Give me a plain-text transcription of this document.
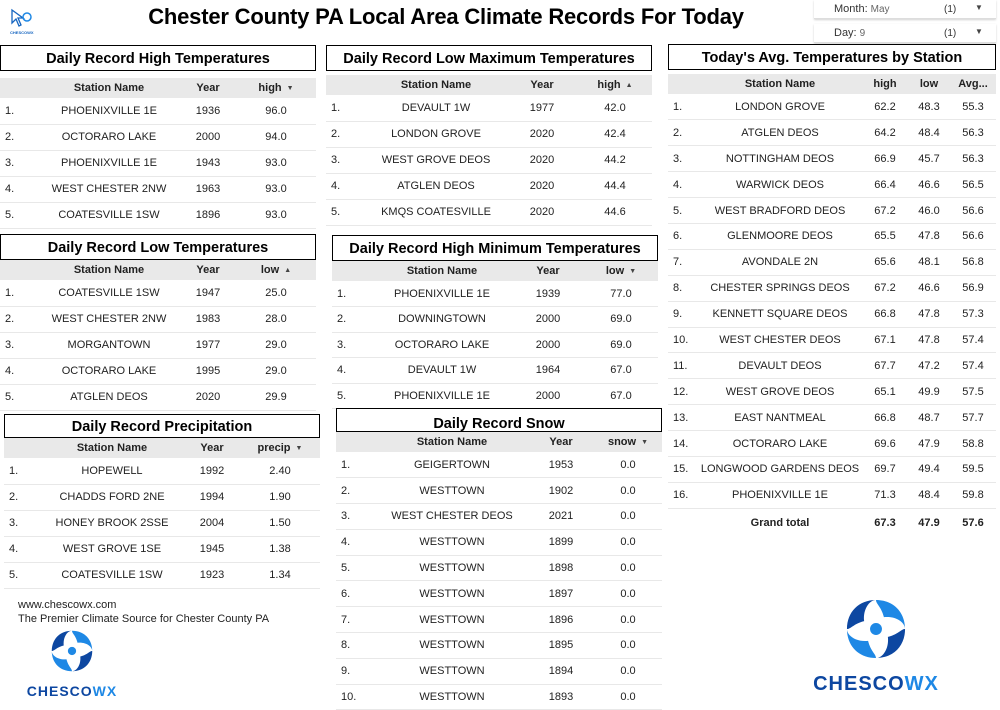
CHESCOWX
Chester County PA Local Area Climate Records For Today	Month: May	(1) ▼
Day: 9	(1) ▼
Daily Record High Temperatures
	Station Name	Year	high ▼
1.	PHOENIXVILLE 1E	1936	96.0
2.	OCTORARO LAKE	2000	94.0
3.	PHOENIXVILLE 1E	1943	93.0
4.	WEST CHESTER 2NW	1963	93.0
5.	COATESVILLE 1SW	1896	93.0
Daily Record Low Temperatures
	Station Name	Year	low ▲
1.	COATESVILLE 1SW	1947	25.0
2.	WEST CHESTER 2NW	1983	28.0
3.	MORGANTOWN	1977	29.0
4.	OCTORARO LAKE	1995	29.0
5.	ATGLEN DEOS	2020	29.9
Daily Record Precipitation
	Station Name	Year	precip ▼
1.	HOPEWELL	1992	2.40
2.	CHADDS FORD 2NE	1994	1.90
3.	HONEY BROOK 2SSE	2004	1.50
4.	WEST GROVE 1SE	1945	1.38
5.	COATESVILLE 1SW	1923	1.34
Daily Record Low Maximum Temperatures
	Station Name	Year	high ▲
1.	DEVAULT 1W	1977	42.0
2.	LONDON GROVE	2020	42.4
3.	WEST GROVE DEOS	2020	44.2
4.	ATGLEN DEOS	2020	44.4
5.	KMQS COATESVILLE	2020	44.6
Daily Record High Minimum Temperatures
	Station Name	Year	low ▼
1.	PHOENIXVILLE 1E	1939	77.0
2.	DOWNINGTOWN	2000	69.0
3.	OCTORARO LAKE	2000	69.0
4.	DEVAULT 1W	1964	67.0
5.	PHOENIXVILLE 1E	2000	67.0
Daily Record Snow
	Station Name	Year	snow ▼
1.	GEIGERTOWN	1953	0.0
2.	WESTTOWN	1902	0.0
3.	WEST CHESTER DEOS	2021	0.0
4.	WESTTOWN	1899	0.0
5.	WESTTOWN	1898	0.0
6.	WESTTOWN	1897	0.0
7.	WESTTOWN	1896	0.0
8.	WESTTOWN	1895	0.0
9.	WESTTOWN	1894	0.0
10.	WESTTOWN	1893	0.0
Today's Avg. Temperatures by Station
	Station Name	high	low	Avg...
1.	LONDON GROVE	62.2	48.3	55.3
2.	ATGLEN DEOS	64.2	48.4	56.3
3.	NOTTINGHAM DEOS	66.9	45.7	56.3
4.	WARWICK DEOS	66.4	46.6	56.5
5.	WEST BRADFORD DEOS	67.2	46.0	56.6
6.	GLENMOORE DEOS	65.5	47.8	56.6
7.	AVONDALE 2N	65.6	48.1	56.8
8.	CHESTER SPRINGS DEOS	67.2	46.6	56.9
9.	KENNETT SQUARE DEOS	66.8	47.8	57.3
10.	WEST CHESTER DEOS	67.1	47.8	57.4
11.	DEVAULT DEOS	67.7	47.2	57.4
12.	WEST GROVE DEOS	65.1	49.9	57.5
13.	EAST NANTMEAL	66.8	48.7	57.7
14.	OCTORARO LAKE	69.6	47.9	58.8
15.	LONGWOOD GARDENS DEOS	69.7	49.4	59.5
16.	PHOENIXVILLE 1E	71.3	48.4	59.8
	Grand total	67.3	47.9	57.6
www.chescowx.com
The Premier Climate Source for Chester County PA
CHESCOWX	CHESCOWX
